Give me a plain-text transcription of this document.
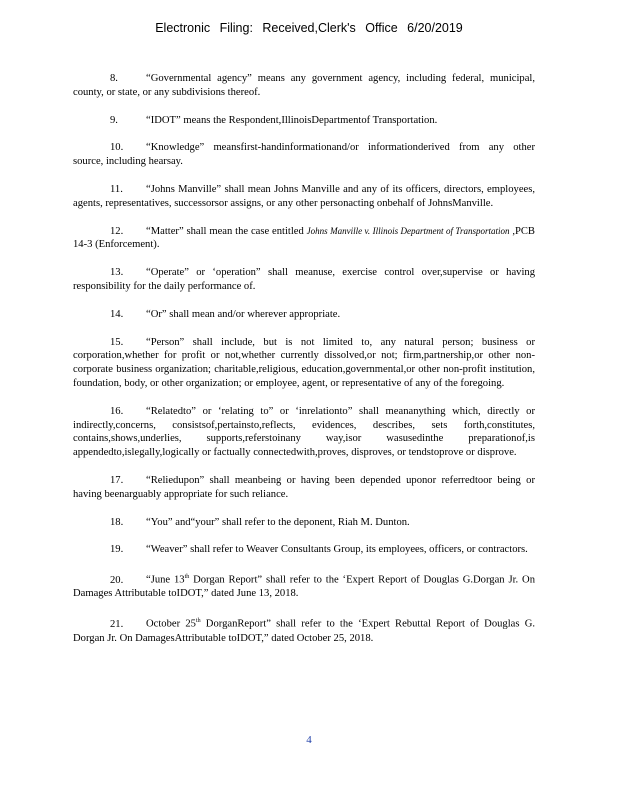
Electronic Filing: Received,Clerk's Office 6/20/2019

8.	“Governmental agency” means any government agency, including federal, municipal, county, or state, or any subdivisions thereof.

9.	“IDOT” means the Respondent,IllinoisDepartmentof Transportation.

10. “Knowledge” meansfirst-handinformationand/or informationderived from any other source, including hearsay.

11. “Johns Manville” shall mean Johns Manville and any of its officers, directors, employees, agents, representatives, successorsor assigns, or any other personacting onbehalf of JohnsManville.

12. “Matter” shall mean the case entitled Johns Manville v. Illinois Department of Transportation ,PCB 14-3 (Enforcement).

13. “Operate” or ‘operation” shall meanuse, exercise control over,supervise or having responsibility for the daily performance of.

14. “Or” shall mean and/or wherever appropriate.

15. “Person” shall include, but is not limited to, any natural person; business or corporation,whether for profit or not,whether currently dissolved,or not; firm,partnership,or other non-corporate business organization; charitable,religious, education,governmental,or other non-profit institution, foundation, body, or other organization; or employee, agent, or representative of any of the foregoing.

16. “Relatedto” or ‘relating to” or ‘inrelationto” shall meananything which, directly or indirectly,concerns, consistsof,pertainsto,reflects, evidences, describes, sets forth,constitutes, contains,shows,underlies, supports,referstoinany way,isor wasusedinthe preparationof,is appendedto,islegally,logically or factually connectedwith,proves, disproves, or tendstoprove or disprove.

17. “Reliedupon” shall meanbeing or having been depended uponor referredtoor being or having beenarguably appropriate for such reliance.

18. “You” and“your” shall refer to the deponent, Riah M. Dunton.

19. “Weaver” shall refer to Weaver Consultants Group, its employees, officers, or contractors.

20. “June 13th Dorgan Report” shall refer to the ‘Expert Report of Douglas G.Dorgan Jr. On Damages Attributable toIDOT,” dated June 13, 2018.

21. October 25th DorganReport” shall refer to the ‘Expert Rebuttal Report of Douglas G. Dorgan Jr. On DamagesAttributable toIDOT,” dated October 25, 2018.

4
